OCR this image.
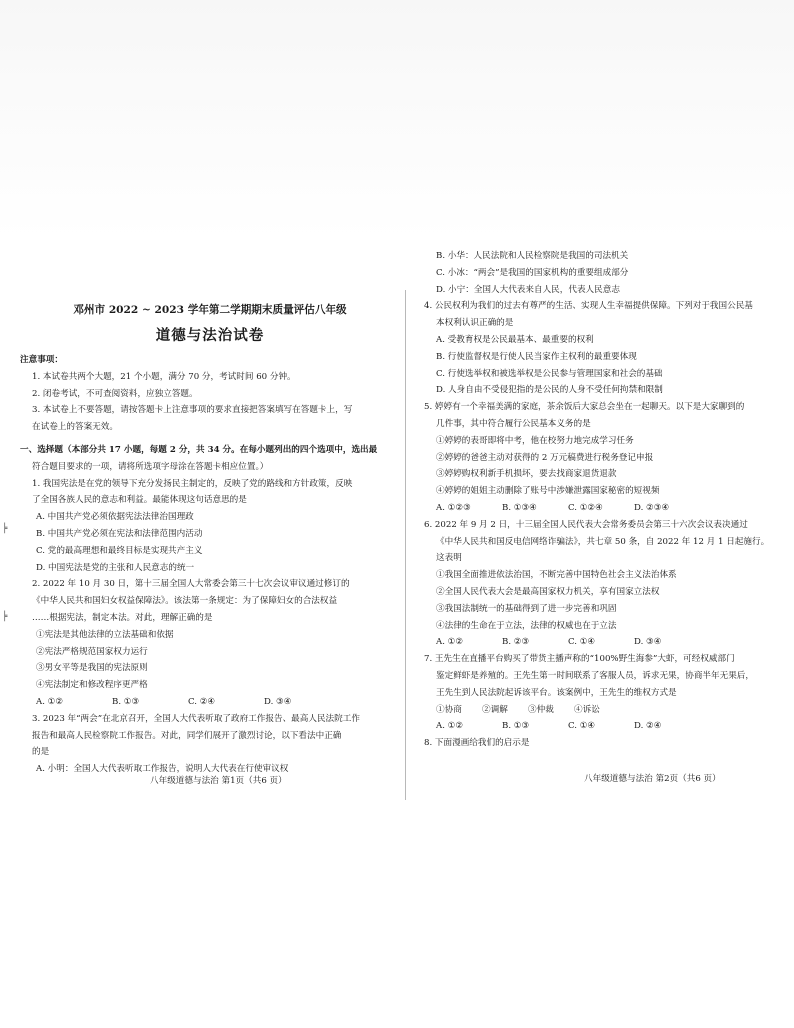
╞
╞
邓州市 2022 ~ 2023 学年第二学期期末质量评估八年级
道德与法治试卷
注意事项：
1. 本试卷共两个大题，21 个小题，满分 70 分，考试时间 60 分钟。
2. 闭卷考试，不可查阅资料，应独立答题。
3. 本试卷上不要答题，请按答题卡上注意事项的要求直接把答案填写在答题卡上，写
在试卷上的答案无效。
一、选择题（本部分共 17 小题，每题 2 分，共 34 分。在每小题列出的四个选项中，选出最
符合题目要求的一项，请将所选项字母涂在答题卡相应位置。）
1. 我国宪法是在党的领导下充分发扬民主制定的，反映了党的路线和方针政策，反映
了全国各族人民的意志和利益。最能体现这句话意思的是
A. 中国共产党必须依据宪法法律治国理政
B. 中国共产党必须在宪法和法律范围内活动
C. 党的最高理想和最终目标是实现共产主义
D. 中国宪法是党的主张和人民意志的统一
2. 2022 年 10 月 30 日，第十三届全国人大常委会第三十七次会议审议通过修订的
《中华人民共和国妇女权益保障法》。该法第一条规定：为了保障妇女的合法权益
……根据宪法，制定本法。对此，理解正确的是
①宪法是其他法律的立法基础和依据
②宪法严格规范国家权力运行
③男女平等是我国的宪法原则
④宪法制定和修改程序更严格
A. ①②	B. ①③	C. ②④	D. ③④
3. 2023 年“两会”在北京召开，全国人大代表听取了政府工作报告、最高人民法院工作
报告和最高人民检察院工作报告。对此，同学们展开了激烈讨论，以下看法中正确
的是
A. 小明：全国人大代表听取工作报告，说明人大代表在行使审议权
八年级道德与法治 第1页（共6 页）
B. 小华：人民法院和人民检察院是我国的司法机关
C. 小冰：“两会”是我国的国家机构的重要组成部分
D. 小宁：全国人大代表来自人民，代表人民意志
4. 公民权利为我们的过去有尊严的生活、实现人生幸福提供保障。下列对于我国公民基
本权利认识正确的是
A. 受教育权是公民最基本、最重要的权利
B. 行使监督权是行使人民当家作主权利的最重要体现
C. 行使选举权和被选举权是公民参与管理国家和社会的基础
D. 人身自由不受侵犯指的是公民的人身不受任何拘禁和限制
5. 婷婷有一个幸福美满的家庭，茶余饭后大家总会坐在一起聊天。以下是大家聊到的
几件事，其中符合履行公民基本义务的是
①婷婷的表哥即将中考，他在校努力地完成学习任务
②婷婷的爸爸主动对获得的 2 万元稿费进行税务登记申报
③婷婷购权利新手机损坏，要去找商家退货退款
④婷婷的姐姐主动删除了账号中涉嫌泄露国家秘密的短视频
A. ①②③	B. ①③④	C. ①②④	D. ②③④
6. 2022 年 9 月 2 日，十三届全国人民代表大会常务委员会第三十六次会议表决通过
《中华人民共和国反电信网络诈骗法》，共七章 50 条，自 2022 年 12 月 1 日起施行。
这表明
①我国全面推进依法治国，不断完善中国特色社会主义法治体系
②全国人民代表大会是最高国家权力机关，享有国家立法权
③我国法制统一的基础得到了进一步完善和巩固
④法律的生命在于立法，法律的权威也在于立法
A. ①②	B. ②③	C. ①④	D. ③④
7. 王先生在直播平台购买了带货主播声称的“100%野生海参”大虾，可经权威部门
鉴定鲜虾是养殖的。王先生第一时间联系了客服人员，诉求无果，协商半年无果后，
王先生到人民法院起诉该平台。该案例中，王先生的维权方式是
①协商	②调解	③仲裁	④诉讼
A. ①②	B. ①③	C. ①④	D. ②④
8. 下面漫画给我们的启示是
八年级道德与法治 第2页（共6 页）
